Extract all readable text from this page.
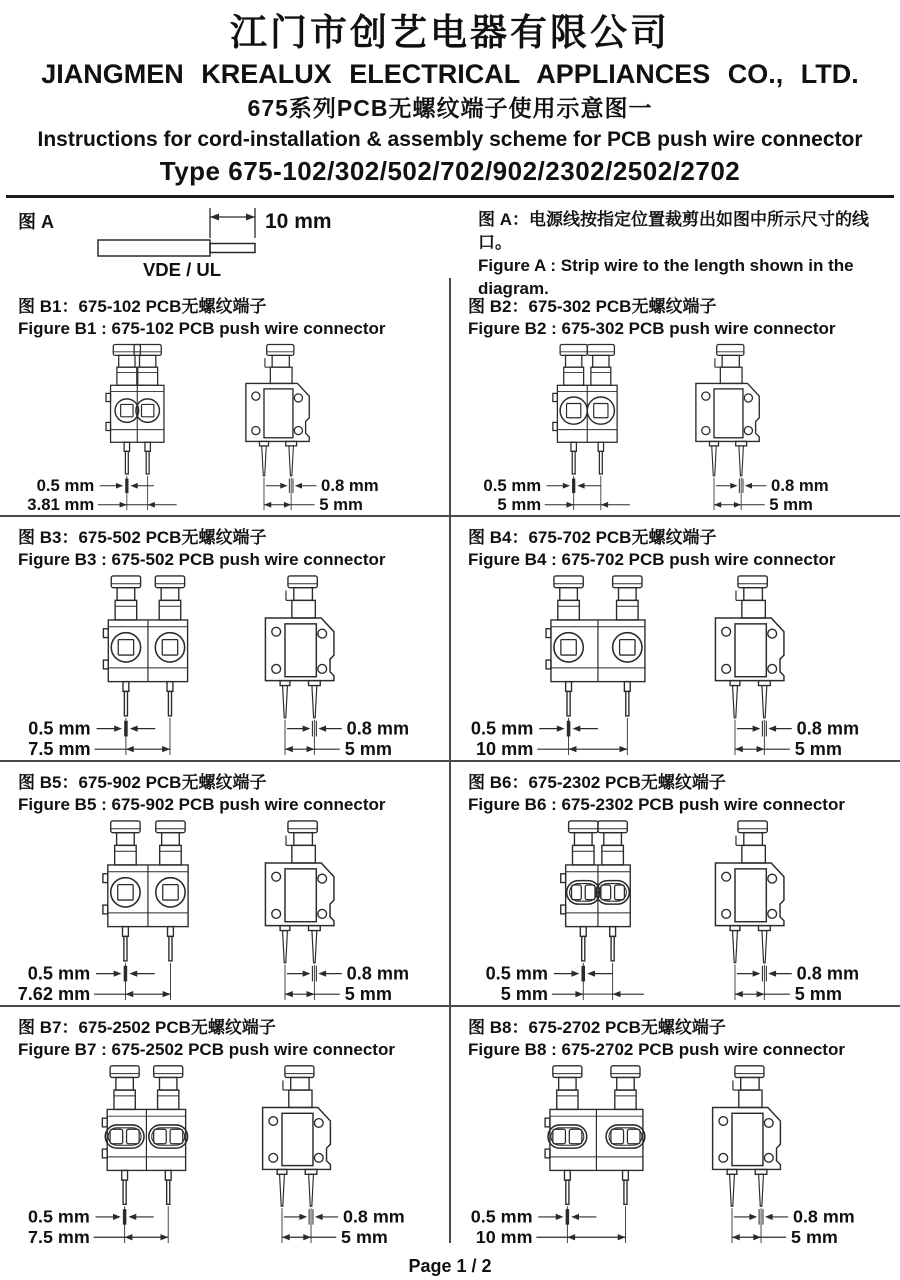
江门市创艺电器有限公司
JIANGMEN KREALUX ELECTRICAL APPLIANCES CO., LTD.
675系列PCB无螺纹端子使用示意图一
Instructions for cord-installation & assembly scheme for PCB push wire connector
Type 675-102/302/502/702/902/2302/2502/2702
图 A	10 mm
VDE / UL
图 A：电源线按指定位置裁剪出如图中所示尺寸的线口。
Figure A : Strip wire to the length shown in the diagram.
图 B1：675-102 PCB无螺纹端子
Figure B1 : 675-102 PCB push wire connector
0.5 mm
3.81 mm
0.8 mm
5 mm
图 B2：675-302 PCB无螺纹端子
Figure B2 : 675-302 PCB push wire connector
0.5 mm
5 mm
0.8 mm
5 mm
图 B3：675-502 PCB无螺纹端子
Figure B3 : 675-502 PCB push wire connector
0.5 mm
7.5 mm
0.8 mm
5 mm
图 B4：675-702 PCB无螺纹端子
Figure B4 : 675-702 PCB push wire connector
0.5 mm
10 mm
0.8 mm
5 mm
图 B5：675-902 PCB无螺纹端子
Figure B5 : 675-902 PCB push wire connector
0.5 mm
7.62 mm
0.8 mm
5 mm
图 B6：675-2302 PCB无螺纹端子
Figure B6 : 675-2302 PCB push wire connector
0.5 mm
5 mm
0.8 mm
5 mm
图 B7：675-2502 PCB无螺纹端子
Figure B7 : 675-2502 PCB push wire connector
0.5 mm
7.5 mm
0.8 mm
5 mm
图 B8：675-2702 PCB无螺纹端子
Figure B8 : 675-2702 PCB push wire connector
0.5 mm
10 mm
0.8 mm
5 mm
Page 1 / 2
